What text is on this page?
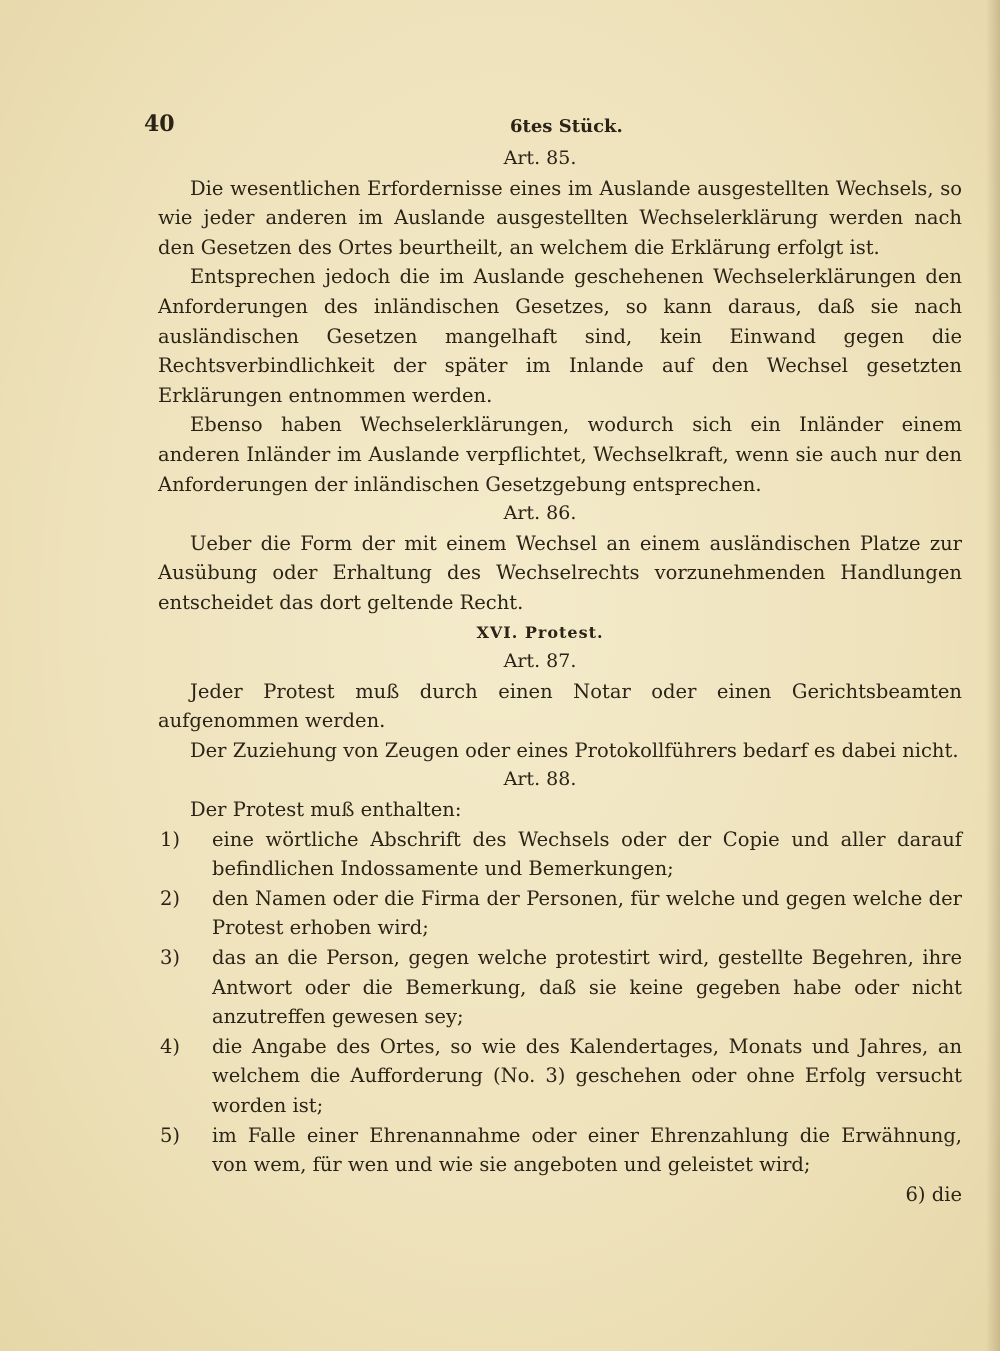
40	6tes Stück.
Art. 85.

Die wesentlichen Erfordernisse eines im Auslande ausgestellten Wechsels, so wie jeder anderen im Auslande ausgestellten Wechselerklärung werden nach den Gesetzen des Ortes beurtheilt, an welchem die Erklärung erfolgt ist.

Entsprechen jedoch die im Auslande geschehenen Wechselerklärungen den Anforderungen des inländischen Gesetzes, so kann daraus, daß sie nach ausländischen Gesetzen mangelhaft sind, kein Einwand gegen die Rechtsverbindlichkeit der später im Inlande auf den Wechsel gesetzten Erklärungen entnommen werden.

Ebenso haben Wechselerklärungen, wodurch sich ein Inländer einem anderen Inländer im Auslande verpflichtet, Wechselkraft, wenn sie auch nur den Anforderungen der inländischen Gesetzgebung entsprechen.

Art. 86.

Ueber die Form der mit einem Wechsel an einem ausländischen Platze zur Ausübung oder Erhaltung des Wechselrechts vorzunehmenden Handlungen entscheidet das dort geltende Recht.

XVI. Protest.
Art. 87.

Jeder Protest muß durch einen Notar oder einen Gerichtsbeamten aufgenommen werden.

Der Zuziehung von Zeugen oder eines Protokollführers bedarf es dabei nicht.

Art. 88.

Der Protest muß enthalten:

1) eine wörtliche Abschrift des Wechsels oder der Copie und aller darauf befindlichen Indossamente und Bemerkungen;
2) den Namen oder die Firma der Personen, für welche und gegen welche der Protest erhoben wird;
3) das an die Person, gegen welche protestirt wird, gestellte Begehren, ihre Antwort oder die Bemerkung, daß sie keine gegeben habe oder nicht anzutreffen gewesen sey;
4) die Angabe des Ortes, so wie des Kalendertages, Monats und Jahres, an welchem die Aufforderung (No. 3) geschehen oder ohne Erfolg versucht worden ist;
5) im Falle einer Ehrenannahme oder einer Ehrenzahlung die Erwähnung, von wem, für wen und wie sie angeboten und geleistet wird;

6) die
